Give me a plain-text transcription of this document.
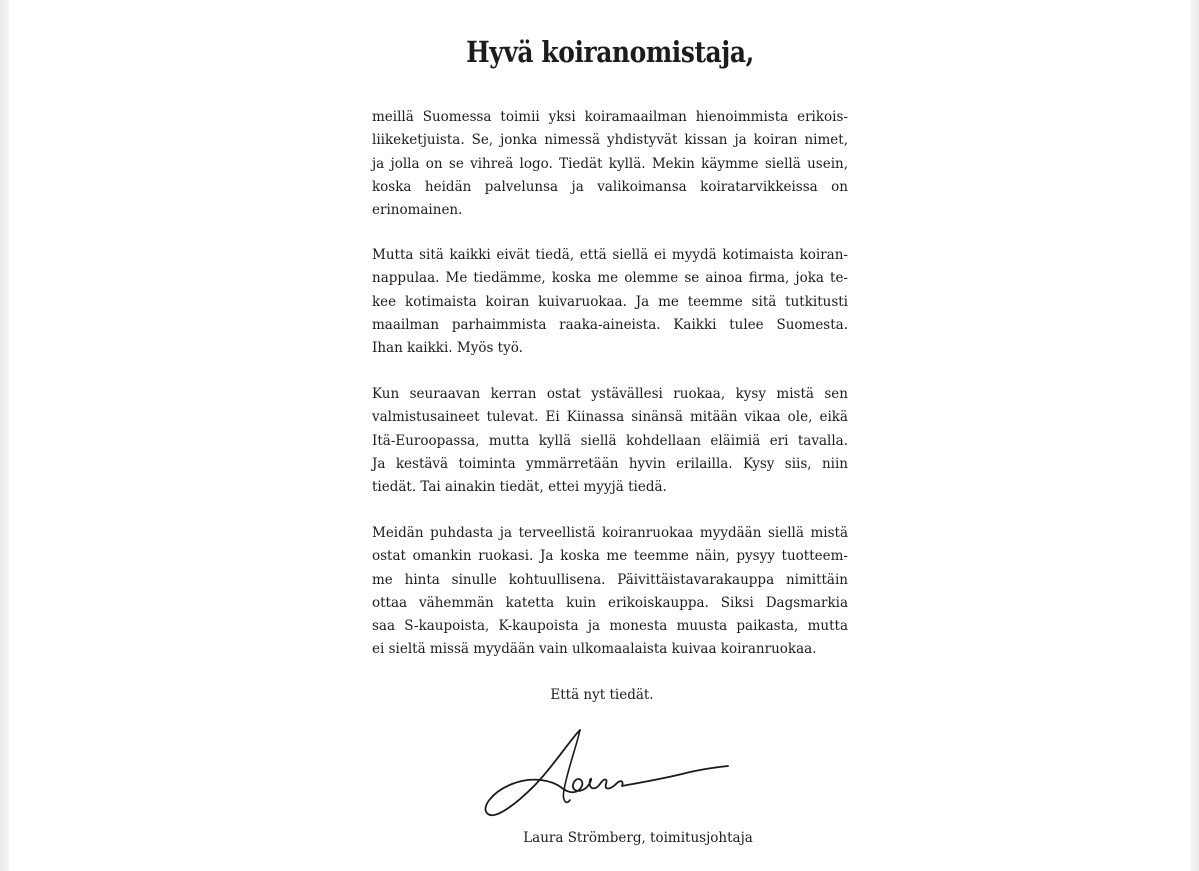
Hyvä koiranomistaja,

meillä Suomessa toimii yksi koiramaailman hienoimmista erikois-
liikeketjuista. Se, jonka nimessä yhdistyvät kissan ja koiran nimet,
ja jolla on se vihreä logo. Tiedät kyllä. Mekin käymme siellä usein,
koska heidän palvelunsa ja valikoimansa koiratarvikkeissa on
erinomainen.

Mutta sitä kaikki eivät tiedä, että siellä ei myydä kotimaista koiran-
nappulaa. Me tiedämme, koska me olemme se ainoa firma, joka te-
kee kotimaista koiran kuivaruokaa. Ja me teemme sitä tutkitusti
maailman parhaimmista raaka-aineista. Kaikki tulee Suomesta.
Ihan kaikki. Myös työ.

Kun seuraavan kerran ostat ystävällesi ruokaa, kysy mistä sen
valmistusaineet tulevat. Ei Kiinassa sinänsä mitään vikaa ole, eikä
Itä-Euroopassa, mutta kyllä siellä kohdellaan eläimiä eri tavalla.
Ja kestävä toiminta ymmärretään hyvin erilailla. Kysy siis, niin
tiedät. Tai ainakin tiedät, ettei myyjä tiedä.

Meidän puhdasta ja terveellistä koiranruokaa myydään siellä mistä
ostat omankin ruokasi. Ja koska me teemme näin, pysyy tuotteem-
me hinta sinulle kohtuullisena. Päivittäistavarakauppa nimittäin
ottaa vähemmän katetta kuin erikoiskauppa. Siksi Dagsmarkia
saa S-kaupoista, K-kaupoista ja monesta muusta paikasta, mutta
ei sieltä missä myydään vain ulkomaalaista kuivaa koiranruokaa.

Että nyt tiedät.
Laura Strömberg, toimitusjohtaja
